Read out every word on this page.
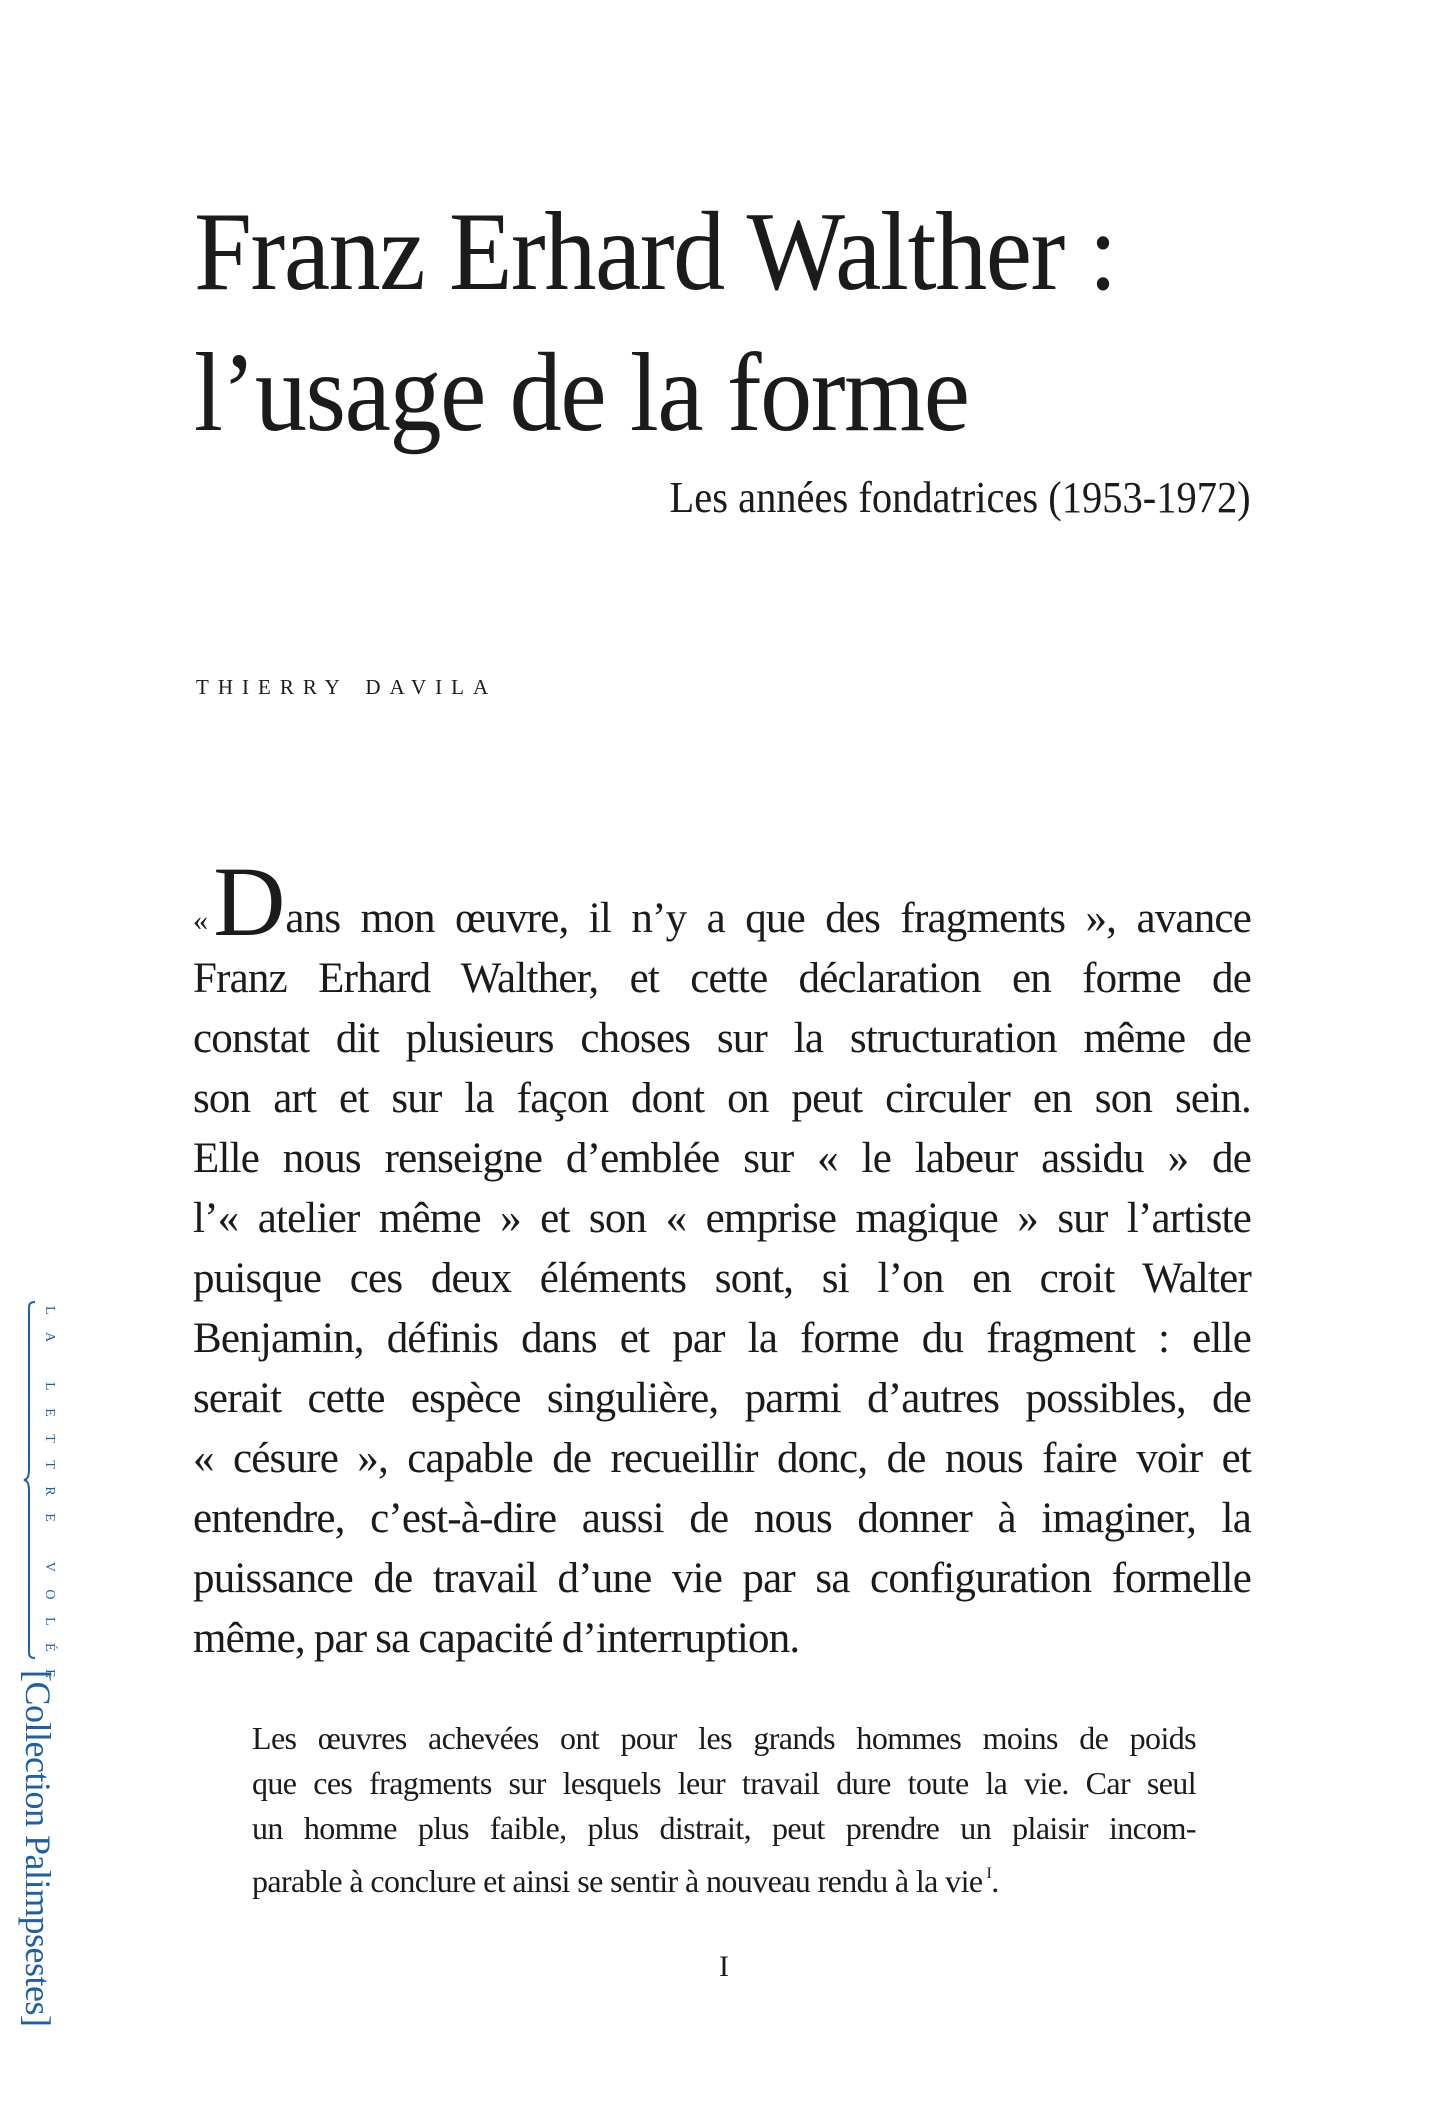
Franz Erhard Walther :
l’usage de la forme
Les années fondatrices (1953-1972)
thierry davila
«Dans mon œuvre, il n’y a que des fragments », avance
Franz Erhard Walther, et cette déclaration en forme de
constat dit plusieurs choses sur la structuration même de
son art et sur la façon dont on peut circuler en son sein.
Elle nous renseigne d’emblée sur « le labeur assidu » de
l’« atelier même » et son « emprise magique » sur l’artiste
puisque ces deux éléments sont, si l’on en croit Walter
Benjamin, définis dans et par la forme du fragment : elle
serait cette espèce singulière, parmi d’autres possibles, de
« césure », capable de recueillir donc, de nous faire voir et
entendre, c’est-à-dire aussi de nous donner à imaginer, la
puissance de travail d’une vie par sa configuration formelle
même, par sa capacité d’interruption.
Les œuvres achevées ont pour les grands hommes moins de poids
que ces fragments sur lesquels leur travail dure toute la vie. Car seul
un homme plus faible, plus distrait, peut prendre un plaisir incom-
parable à conclure et ainsi se sentir à nouveau rendu à la vie $^I$.
I
la lettre volée
[Collection Palimpsestes]
